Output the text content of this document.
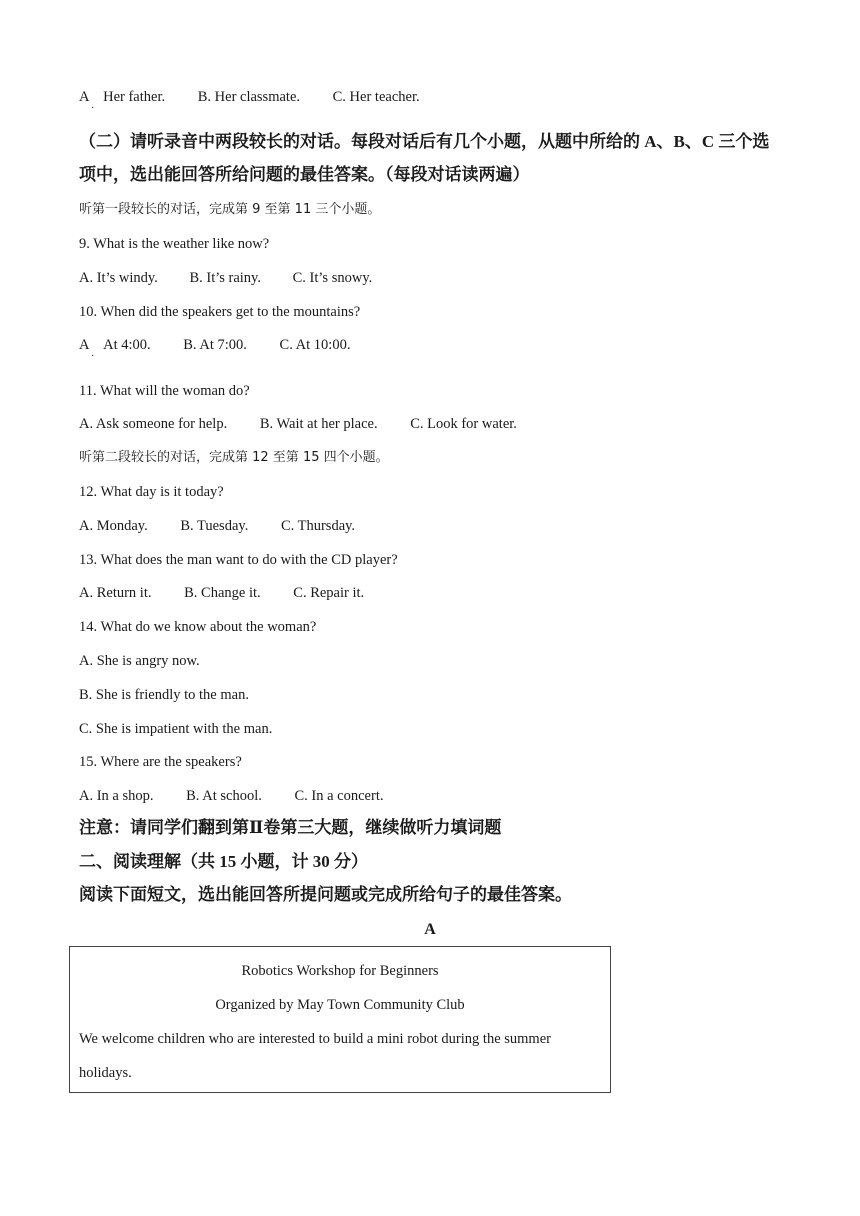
A Her father. B. Her classmate. C. Her teacher.
·
（二）请听录音中两段较长的对话。每段对话后有几个小题，从题中所给的 A、B、C 三个选
项中，选出能回答所给问题的最佳答案。（每段对话读两遍）
听第一段较长的对话，完成第 9 至第 11 三个小题。
9. What is the weather like now?
A. It’s windy. B. It’s rainy. C. It’s snowy.
10. When did the speakers get to the mountains?
A At 4:00. B. At 7:00. C. At 10:00.
·
11. What will the woman do?
A. Ask someone for help. B. Wait at her place. C. Look for water.
听第二段较长的对话，完成第 12 至第 15 四个小题。
12. What day is it today?
A. Monday. B. Tuesday. C. Thursday.
13. What does the man want to do with the CD player?
A. Return it. B. Change it. C. Repair it.
14. What do we know about the woman?
A. She is angry now.
B. She is friendly to the man.
C. She is impatient with the man.
15. Where are the speakers?
A. In a shop. B. At school. C. In a concert.
注意：请同学们翻到第Ⅱ卷第三大题，继续做听力填词题
二、阅读理解（共 15 小题，计 30 分）
阅读下面短文，选出能回答所提问题或完成所给句子的最佳答案。
A
Robotics Workshop for Beginners
Organized by May Town Community Club
We welcome children who are interested to build a mini robot during the summer
holidays.
